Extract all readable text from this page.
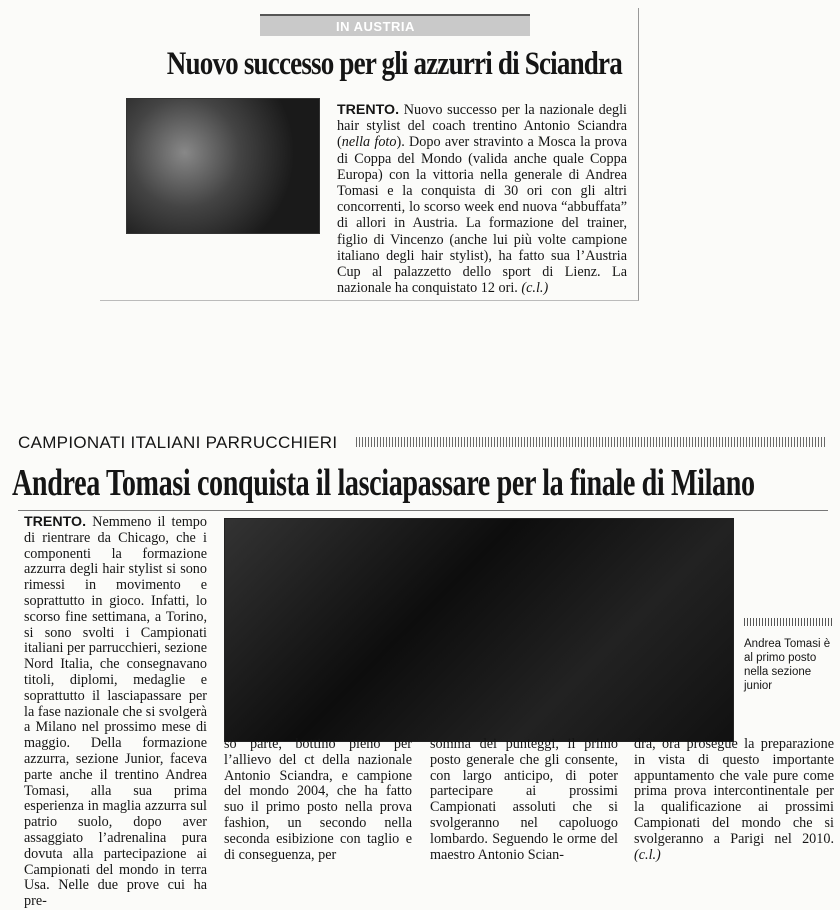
IN AUSTRIA
Nuovo successo per gli azzurri di Sciandra
TRENTO. Nuovo successo per la nazionale degli hair stylist del coach trentino Antonio Sciandra (nella foto). Dopo aver stravinto a Mosca la prova di Coppa del Mondo (valida anche quale Coppa Europa) con la vittoria nella generale di Andrea Tomasi e la conquista di 30 ori con gli altri concorrenti, lo scorso week end nuova “abbuffata” di allori in Austria. La formazione del trainer, figlio di Vincenzo (anche lui più volte campione italiano degli hair stylist), ha fatto sua l’Austria Cup al palazzetto dello sport di Lienz. La nazionale ha conquistato 12 ori. (c.l.)
CAMPIONATI ITALIANI PARRUCCHIERI
Andrea Tomasi conquista il lasciapassare per la finale di Milano
TRENTO. Nemmeno il tempo di rientrare da Chicago, che i componenti la formazione azzurra degli hair stylist si sono rimessi in movimento e soprattutto in gioco. Infatti, lo scorso fine settimana, a Torino, si sono svolti i Campionati italiani per parrucchieri, sezione Nord Italia, che consegnavano titoli, diplomi, medaglie e soprattutto il lasciapassare per la fase nazionale che si svolgerà a Milano nel prossimo mese di maggio. Della formazione azzurra, sezione Junior, faceva parte anche il trentino Andrea Tomasi, alla sua prima esperienza in maglia azzurra sul patrio suolo, dopo aver assaggiato l’adrenalina pura dovuta alla partecipazione ai Campionati del mondo in terra Usa. Nelle due prove cui ha pre-
Andrea Tomasi è al primo posto nella sezione junior
so parte, bottino pieno per l’allievo del ct della nazionale Antonio Sciandra, e campione del mondo 2004, che ha fatto suo il primo posto nella prova fashion, un secondo nella seconda esibizione con taglio e di conseguenza, per
somma dei punteggi, il primo posto generale che gli consente, con largo anticipo, di poter partecipare ai prossimi Campionati assoluti che si svolgeranno nel capoluogo lombardo. Seguendo le orme del maestro Antonio Scian-
dra, ora prosegue la preparazione in vista di questo importante appuntamento che vale pure come prima prova intercontinentale per la qualificazione ai prossimi Campionati del mondo che si svolgeranno a Parigi nel 2010. (c.l.)
